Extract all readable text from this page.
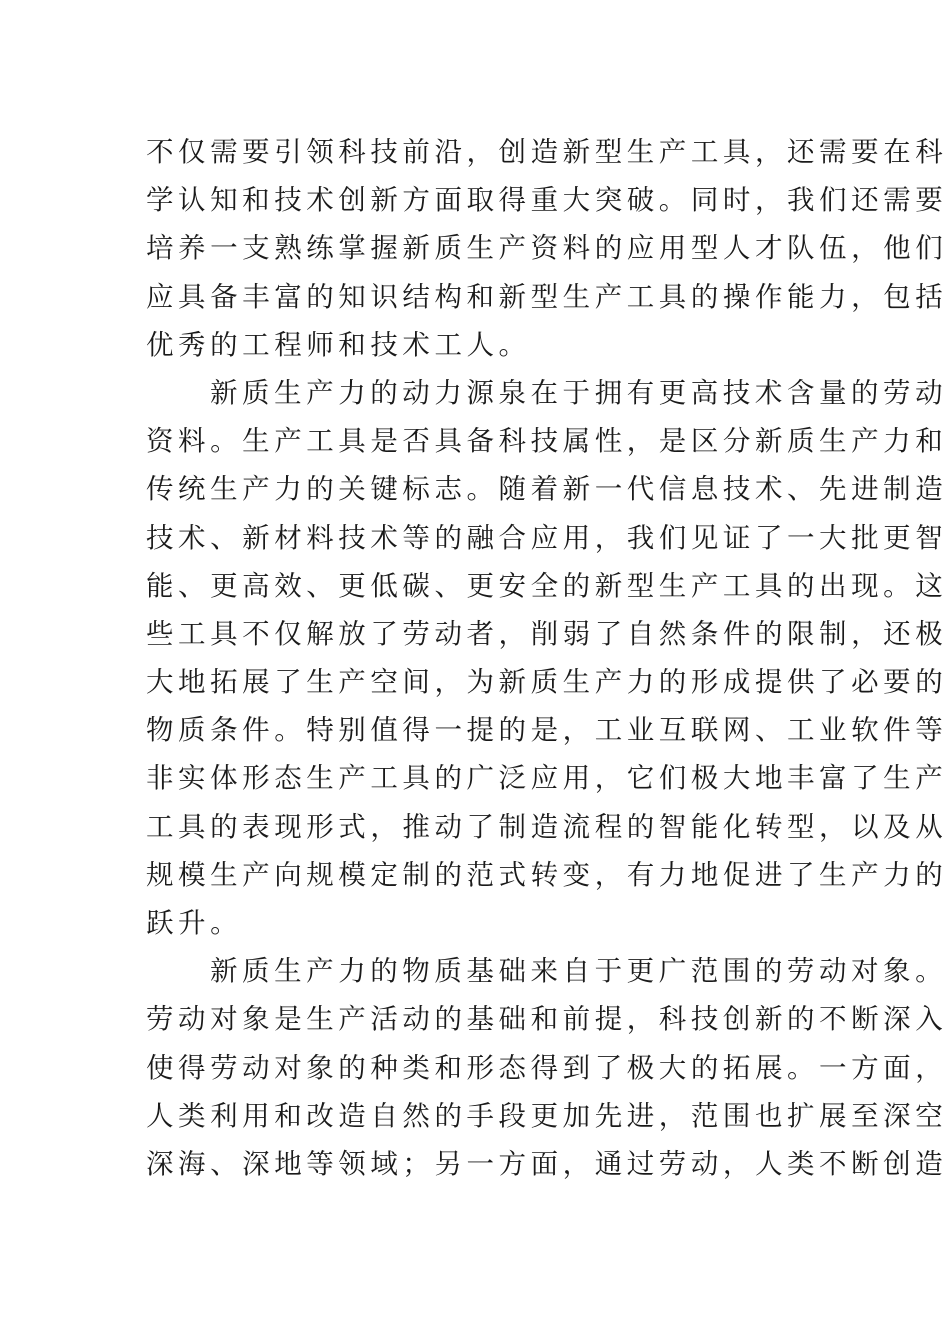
不仅需要引领科技前沿，创造新型生产工具，还需要在科
学认知和技术创新方面取得重大突破。同时，我们还需要
培养一支熟练掌握新质生产资料的应用型人才队伍，他们
应具备丰富的知识结构和新型生产工具的操作能力，包括
优秀的工程师和技术工人。
新质生产力的动力源泉在于拥有更高技术含量的劳动
资料。生产工具是否具备科技属性，是区分新质生产力和
传统生产力的关键标志。随着新一代信息技术、先进制造
技术、新材料技术等的融合应用，我们见证了一大批更智
能、更高效、更低碳、更安全的新型生产工具的出现。这
些工具不仅解放了劳动者，削弱了自然条件的限制，还极
大地拓展了生产空间，为新质生产力的形成提供了必要的
物质条件。特别值得一提的是，工业互联网、工业软件等
非实体形态生产工具的广泛应用，它们极大地丰富了生产
工具的表现形式，推动了制造流程的智能化转型，以及从
规模生产向规模定制的范式转变，有力地促进了生产力的
跃升。
新质生产力的物质基础来自于更广范围的劳动对象。
劳动对象是生产活动的基础和前提，科技创新的不断深入
使得劳动对象的种类和形态得到了极大的拓展。一方面，
人类利用和改造自然的手段更加先进，范围也扩展至深空
深海、深地等领域；另一方面，通过劳动，人类不断创造
